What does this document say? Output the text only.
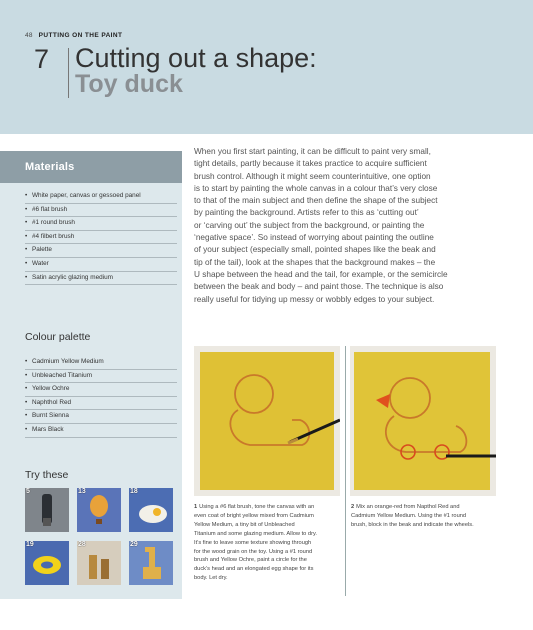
48 PUTTING ON THE PAINT
7 Cutting out a shape:
Toy duck
Materials
• White paper, canvas or gessoed panel
• #6 flat brush
• #1 round brush
• #4 filbert brush
• Palette
• Water
• Satin acrylic glazing medium
Colour palette
• Cadmium Yellow Medium
• Unbleached Titanium
• Yellow Ochre
• Naphthol Red
• Burnt Sienna
• Mars Black
Try these
5	13	18
19	28	29
When you first start painting, it can be difficult to paint very small,
tight details, partly because it takes practice to acquire sufficient
brush control. Although it might seem counterintuitive, one option
is to start by painting the whole canvas in a colour that’s very close
to that of the main subject and then define the shape of the subject
by painting the background. Artists refer to this as ‘cutting out’
or ‘carving out’ the subject from the background, or painting the
‘negative space’. So instead of worrying about painting the outline
of your subject (especially small, pointed shapes like the beak and
tip of the tail), look at the shapes that the background makes – the
U shape between the head and the tail, for example, or the semicircle
between the beak and body – and paint those. The technique is also
really useful for tidying up messy or wobbly edges to your subject.
1 Using a #6 flat brush, tone the canvas with an
even coat of bright yellow mixed from Cadmium
Yellow Medium, a tiny bit of Unbleached
Titanium and some glazing medium. Allow to dry.
It’s fine to leave some texture showing through
for the wood grain on the toy. Using a #1 round
brush and Yellow Ochre, paint a circle for the
duck’s head and an elongated egg shape for its
body. Let dry.
2 Mix an orange-red from Napthol Red and
Cadmium Yellow Medium. Using the #1 round
brush, block in the beak and indicate the wheels.
